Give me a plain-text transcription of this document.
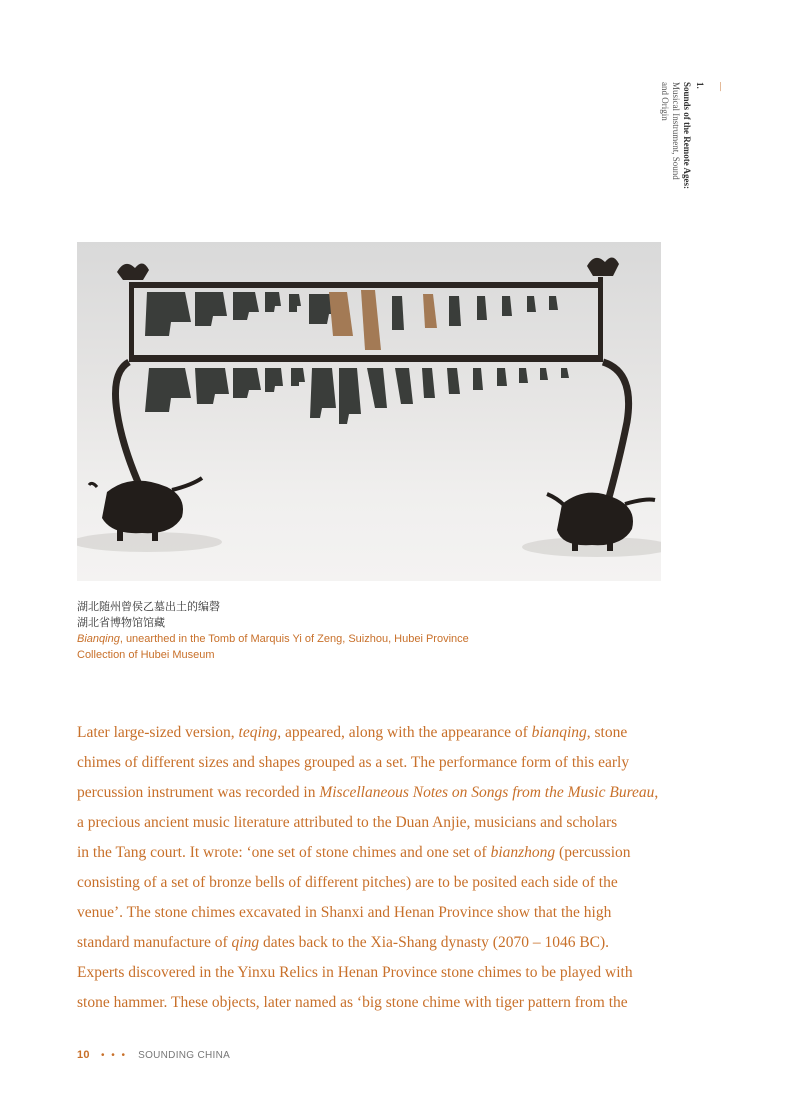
—
1.
Sounds of the Remote Ages:
Musical Instrument, Sound
and Origin
湖北随州曾侯乙墓出土的编磬
湖北省博物馆馆藏
Bianqing, unearthed in the Tomb of Marquis Yi of Zeng, Suizhou, Hubei Province
Collection of Hubei Museum

Later large-sized version, teqing, appeared, along with the appearance of bianqing, stone

chimes of different sizes and shapes grouped as a set. The performance form of this early

percussion instrument was recorded in Miscellaneous Notes on Songs from the Music Bureau,

a precious ancient music literature attributed to the Duan Anjie, musicians and scholars

in the Tang court. It wrote: ‘one set of stone chimes and one set of bianzhong (percussion

consisting of a set of bronze bells of different pitches) are to be posited each side of the

venue’. The stone chimes excavated in Shanxi and Henan Province show that the high

standard manufacture of qing dates back to the Xia-Shang dynasty (2070 – 1046 BC).

Experts discovered in the Yinxu Relics in Henan Province stone chimes to be played with

stone hammer. These objects, later named as ‘big stone chime with tiger pattern from the

10 • • • SOUNDING CHINA
